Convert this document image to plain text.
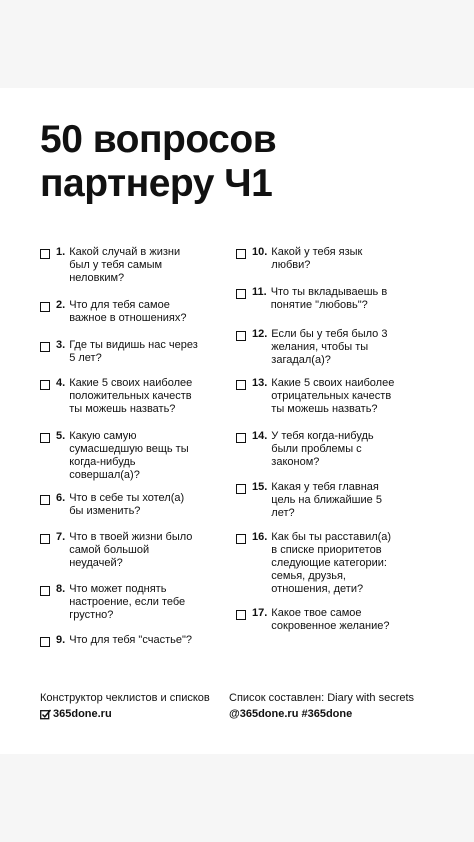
50 вопросов
партнеру Ч1
1. Какой случай в жизни
был у тебя самым
неловким?
2. Что для тебя самое
важное в отношениях?
3. Где ты видишь нас через
5 лет?
4. Какие 5 своих наиболее
положительных качеств
ты можешь назвать?
5. Какую самую
сумасшедшую вещь ты
когда-нибудь
совершал(а)?
6. Что в себе ты хотел(а)
бы изменить?
7. Что в твоей жизни было
самой большой
неудачей?
8. Что может поднять
настроение, если тебе
грустно?
9. Что для тебя "счастье"?
10. Какой у тебя язык
любви?
11. Что ты вкладываешь в
понятие "любовь"?
12. Если бы у тебя было 3
желания, чтобы ты
загадал(а)?
13. Какие 5 своих наиболее
отрицательных качеств
ты можешь назвать?
14. У тебя когда-нибудь
были проблемы с
законом?
15. Какая у тебя главная
цель на ближайшие 5
лет?
16. Как бы ты расставил(а)
в списке приоритетов
следующие категории:
семья, друзья,
отношения, дети?
17. Какое твое самое
сокровенное желание?
Конструктор чеклистов и списков
365done.ru
Список составлен: Diary with secrets
@365done.ru #365done
